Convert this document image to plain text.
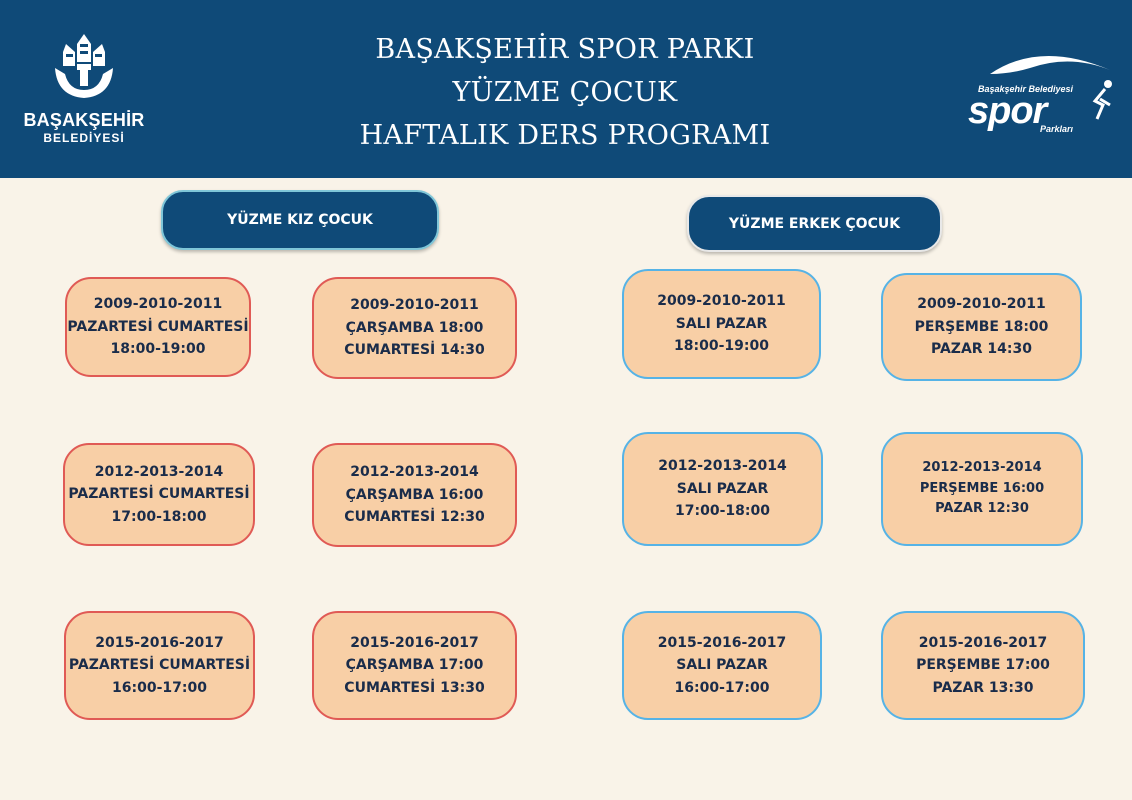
BAŞAKŞEHİR
BELEDİYESİ
BAŞAKŞEHİR SPOR PARKI
YÜZME ÇOCUK
HAFTALIK DERS PROGRAMI
Başakşehir Belediyesi
spor
Parkları
YÜZME KIZ ÇOCUK	YÜZME ERKEK ÇOCUK
2009-2010-2011
PAZARTESİ CUMARTESİ
18:00-19:00
2009-2010-2011
ÇARŞAMBA 18:00
CUMARTESİ 14:30
2009-2010-2011
SALI PAZAR
18:00-19:00
2009-2010-2011
PERŞEMBE 18:00
PAZAR 14:30
2012-2013-2014
PAZARTESİ CUMARTESİ
17:00-18:00
2012-2013-2014
ÇARŞAMBA 16:00
CUMARTESİ 12:30
2012-2013-2014
SALI PAZAR
17:00-18:00
2012-2013-2014
PERŞEMBE 16:00
PAZAR 12:30
2015-2016-2017
PAZARTESİ CUMARTESİ
16:00-17:00
2015-2016-2017
ÇARŞAMBA 17:00
CUMARTESİ 13:30
2015-2016-2017
SALI PAZAR
16:00-17:00
2015-2016-2017
PERŞEMBE 17:00
PAZAR 13:30
